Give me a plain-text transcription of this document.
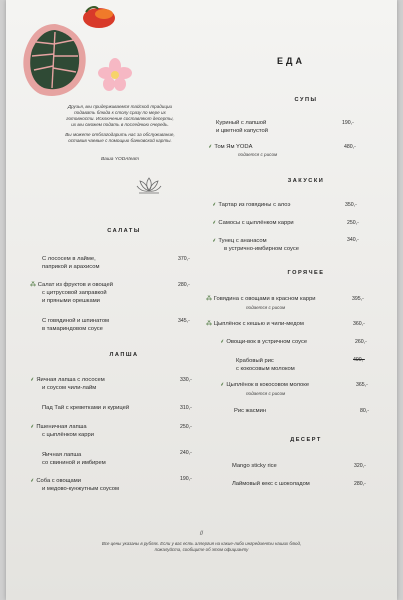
Друзья, мы придерживаемся тайской традиции
подавать блюда к столу сразу по мере их
готовности. Исключение составляют десерты,
их мы сможем подать в последнюю очередь.
Вы можете отблагодарить нас за обслуживание,
оставив чаевые с помощью банковской карты.
Ваша YODAteam
ЕДА
САЛАТЫ
С лососем в лайме,
паприкой и арахисом
370,-
⁂ Салат из фруктов и овощей
с цитрусовой заправкой
и пряными орешками
280,-
С говядиной и шпинатом
в тамариндовом соусе
345,-
ЛАПША
⸙ Яичная лапша с лососем
и соусом чили-лайм
330,-
Пад Тай с креветками и курицей	310,-
⸙ Пшеничная лапша
с цыплёнком карри
250,-
Яичная лапша
со свининой и имбирем
240,-
⸙ Соба с овощами
и медово-кунжутным соусом
190,-
СУПЫ
Куриный с лапшой
и цветной капустой
190,-
⸙ Том Ям YODA
подается с рисом
480,-
ЗАКУСКИ
⸙ Тартар из говядины с алоэ	350,-
⸙ Самосы с цыплёнком карри	250,-
⸙ Тунец с ананасом
в устрично-имбирном соусе
340,-
ГОРЯЧЕЕ
⁂ Говядина с овощами в красном карри
подается с рисом
395,-
⁂ Цыплёнок с кешью и чили-медом	360,-
⸙ Овощи-вок в устричном соусе	260,-
Крабовый рис
с кокосовым молоком
490,-
⸙ Цыплёнок в кокосовом молоке
подается с рисом
365,-
Рис жасмин	80,-
ДЕСЕРТ
Mango sticky rice	320,-
Лаймовый кекс с шоколадом	280,-
//
Все цены указаны в рублях. Если у вас есть аллергия на какие-либо ингредиенты наших блюд,
пожалуйста, сообщите об этом официанту
